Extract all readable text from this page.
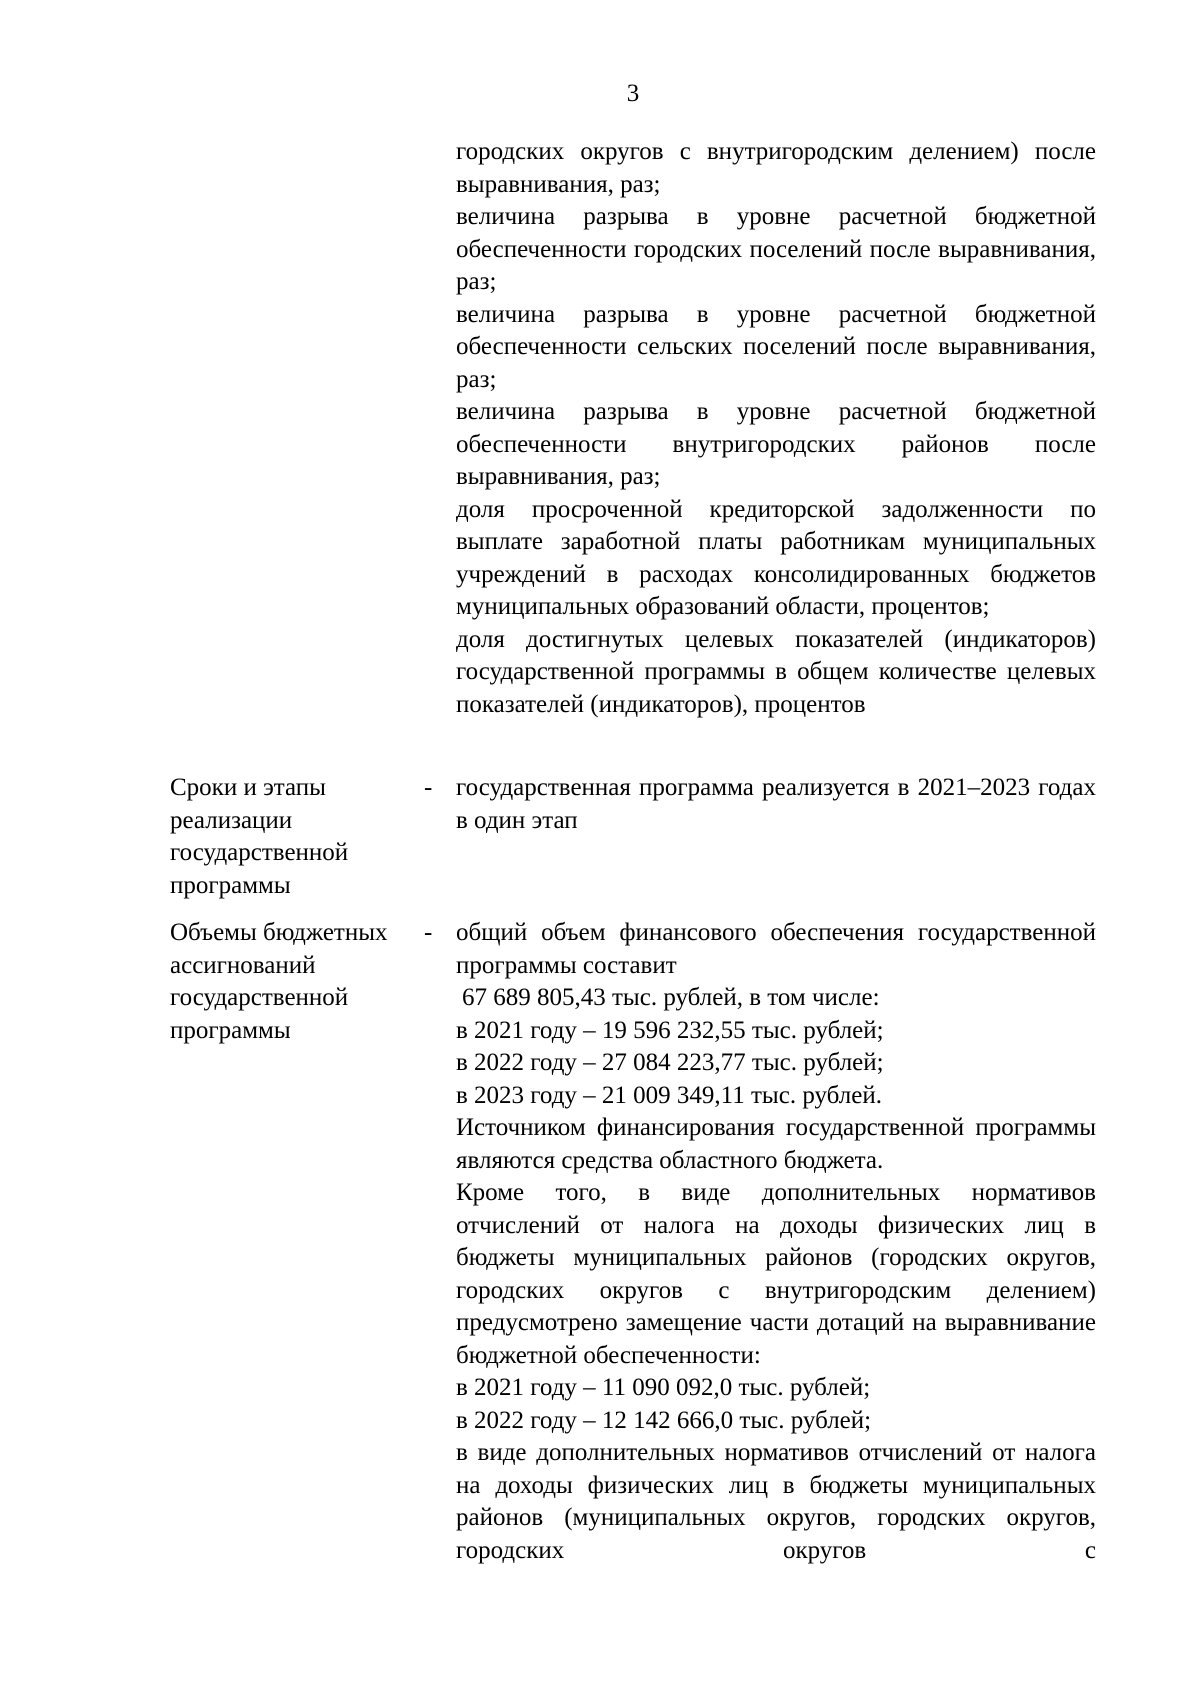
3

городских округов с внутригородским делением) после выравнивания, раз;

величина разрыва в уровне расчетной бюджетной обеспеченности городских поселений после выравнивания, раз;

величина разрыва в уровне расчетной бюджетной обеспеченности сельских поселений после выравнивания, раз;

величина разрыва в уровне расчетной бюджетной обеспеченности внутригородских районов после выравнивания, раз;

доля просроченной кредиторской задолженности по выплате заработной платы работникам муниципальных учреждений в расходах консолидированных бюджетов муниципальных образований области, процентов;

доля достигнутых целевых показателей (индикаторов) государственной программы в общем количестве целевых показателей (индикаторов), процентов

Сроки и этапы реализации государственной программы

- государственная программа реализуется в 2021–2023 годах в один этап

Объемы бюджетных ассигнований государственной программы

- общий объем финансового обеспечения государственной программы составит

67 689 805,43 тыс. рублей, в том числе:

в 2021 году – 19 596 232,55 тыс. рублей;

в 2022 году – 27 084 223,77 тыс. рублей;

в 2023 году – 21 009 349,11 тыс. рублей.

Источником финансирования государственной программы являются средства областного бюджета.

Кроме того, в виде дополнительных нормативов отчислений от налога на доходы физических лиц в бюджеты муниципальных районов (городских округов, городских округов с внутригородским делением) предусмотрено замещение части дотаций на выравнивание бюджетной обеспеченности:

в 2021 году – 11 090 092,0 тыс. рублей;

в 2022 году – 12 142 666,0 тыс. рублей;

в виде дополнительных нормативов отчислений от налога на доходы физических лиц в бюджеты муниципальных районов (муниципальных округов, городских округов, городских округов с
